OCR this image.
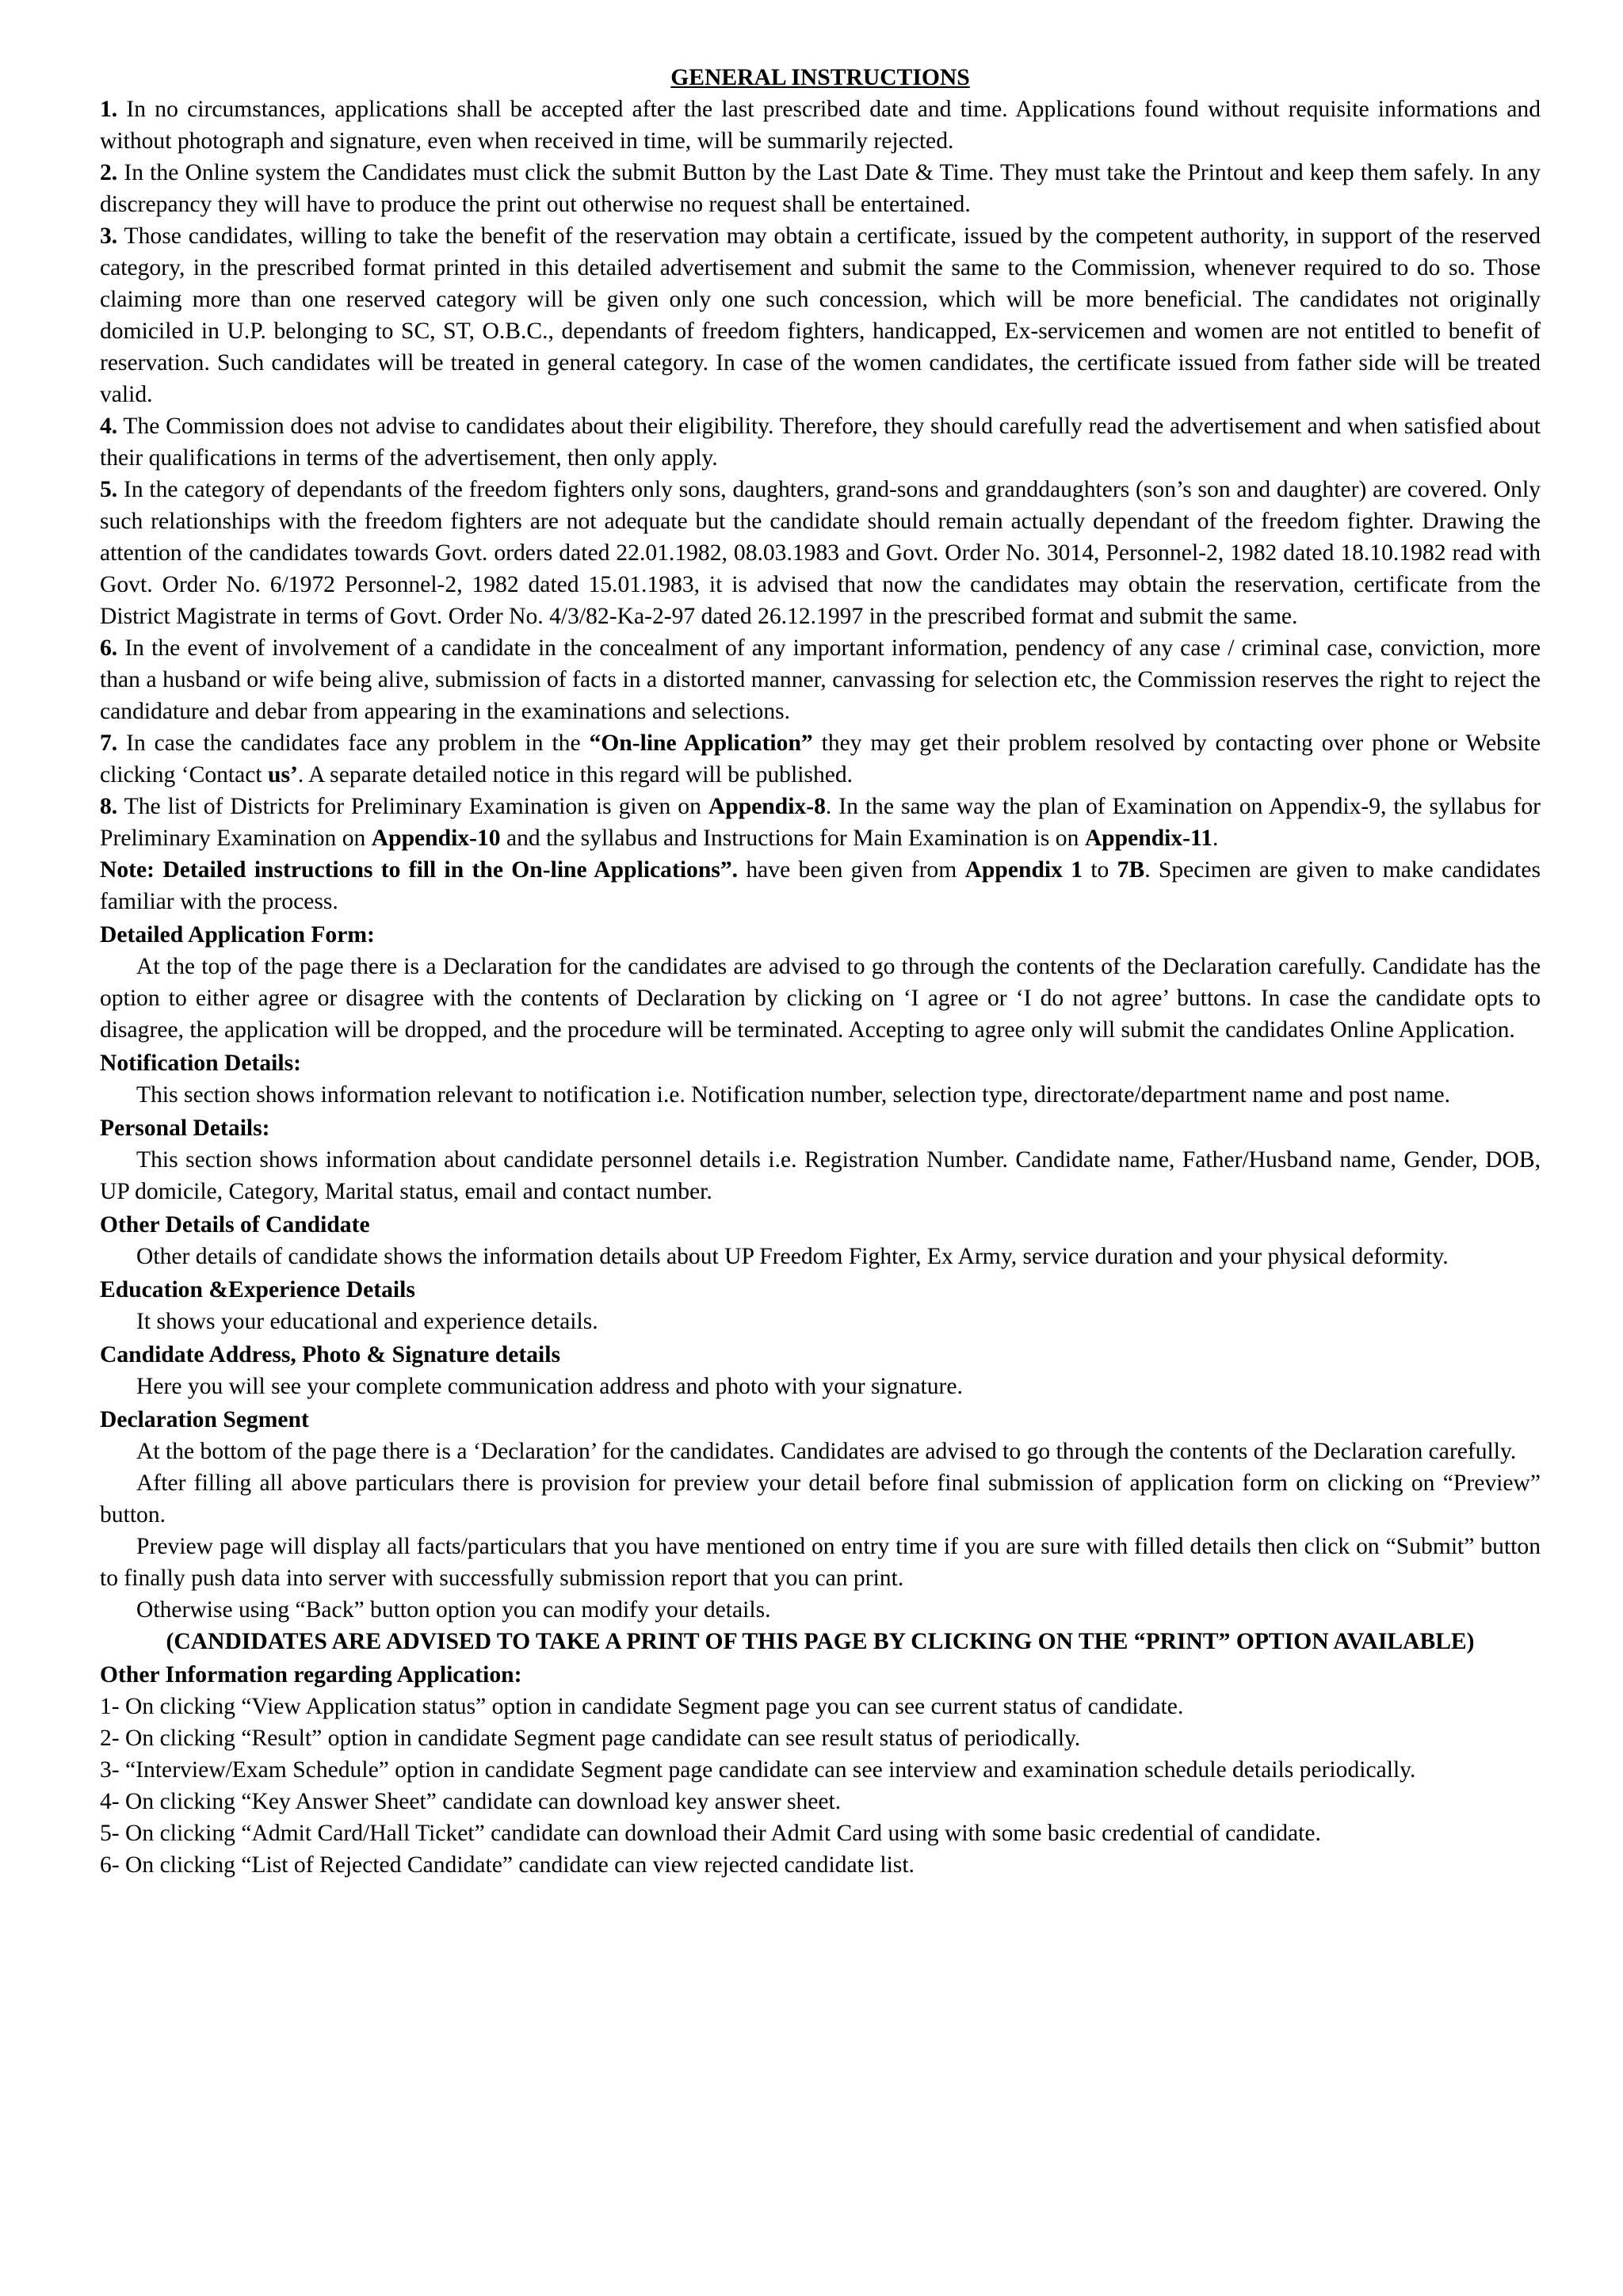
GENERAL INSTRUCTIONS
1. In no circumstances, applications shall be accepted after the last prescribed date and time. Applications found without requisite informations and without photograph and signature, even when received in time, will be summarily rejected.
2. In the Online system the Candidates must click the submit Button by the Last Date & Time. They must take the Printout and keep them safely. In any discrepancy they will have to produce the print out otherwise no request shall be entertained.
3. Those candidates, willing to take the benefit of the reservation may obtain a certificate, issued by the competent authority, in support of the reserved category, in the prescribed format printed in this detailed advertisement and submit the same to the Commission, whenever required to do so. Those claiming more than one reserved category will be given only one such concession, which will be more beneficial. The candidates not originally domiciled in U.P. belonging to SC, ST, O.B.C., dependants of freedom fighters, handicapped, Ex-servicemen and women are not entitled to benefit of reservation. Such candidates will be treated in general category. In case of the women candidates, the certificate issued from father side will be treated valid.
4. The Commission does not advise to candidates about their eligibility. Therefore, they should carefully read the advertisement and when satisfied about their qualifications in terms of the advertisement, then only apply.
5. In the category of dependants of the freedom fighters only sons, daughters, grand-sons and granddaughters (son’s son and daughter) are covered. Only such relationships with the freedom fighters are not adequate but the candidate should remain actually dependant of the freedom fighter. Drawing the attention of the candidates towards Govt. orders dated 22.01.1982, 08.03.1983 and Govt. Order No. 3014, Personnel-2, 1982 dated 18.10.1982 read with Govt. Order No. 6/1972 Personnel-2, 1982 dated 15.01.1983, it is advised that now the candidates may obtain the reservation, certificate from the District Magistrate in terms of Govt. Order No. 4/3/82-Ka-2-97 dated 26.12.1997 in the prescribed format and submit the same.
6. In the event of involvement of a candidate in the concealment of any important information, pendency of any case / criminal case, conviction, more than a husband or wife being alive, submission of facts in a distorted manner, canvassing for selection etc, the Commission reserves the right to reject the candidature and debar from appearing in the examinations and selections.
7. In case the candidates face any problem in the “On-line Application” they may get their problem resolved by contacting over phone or Website clicking ‘Contact us’. A separate detailed notice in this regard will be published.
8. The list of Districts for Preliminary Examination is given on Appendix-8. In the same way the plan of Examination on Appendix-9, the syllabus for Preliminary Examination on Appendix-10 and the syllabus and Instructions for Main Examination is on Appendix-11.
Note: Detailed instructions to fill in the On-line Applications”. have been given from Appendix 1 to 7B. Specimen are given to make candidates familiar with the process.
Detailed Application Form:
At the top of the page there is a Declaration for the candidates are advised to go through the contents of the Declaration carefully. Candidate has the option to either agree or disagree with the contents of Declaration by clicking on ‘I agree or ‘I do not agree’ buttons. In case the candidate opts to disagree, the application will be dropped, and the procedure will be terminated. Accepting to agree only will submit the candidates Online Application.
Notification Details:
This section shows information relevant to notification i.e. Notification number, selection type, directorate/department name and post name.
Personal Details:
This section shows information about candidate personnel details i.e. Registration Number. Candidate name, Father/Husband name, Gender, DOB, UP domicile, Category, Marital status, email and contact number.
Other Details of Candidate
Other details of candidate shows the information details about UP Freedom Fighter, Ex Army, service duration and your physical deformity.
Education &Experience Details
It shows your educational and experience details.
Candidate Address, Photo & Signature details
Here you will see your complete communication address and photo with your signature.
Declaration Segment
At the bottom of the page there is a ‘Declaration’ for the candidates. Candidates are advised to go through the contents of the Declaration carefully.
After filling all above particulars there is provision for preview your detail before final submission of application form on clicking on “Preview” button.
Preview page will display all facts/particulars that you have mentioned on entry time if you are sure with filled details then click on “Submit” button to finally push data into server with successfully submission report that you can print.
Otherwise using “Back” button option you can modify your details.
(CANDIDATES ARE ADVISED TO TAKE A PRINT OF THIS PAGE BY CLICKING ON THE “PRINT” OPTION AVAILABLE)
Other Information regarding Application:
1- On clicking “View Application status” option in candidate Segment page you can see current status of candidate.
2- On clicking “Result” option in candidate Segment page candidate can see result status of periodically.
3- “Interview/Exam Schedule” option in candidate Segment page candidate can see interview and examination schedule details periodically.
4- On clicking “Key Answer Sheet” candidate can download key answer sheet.
5- On clicking “Admit Card/Hall Ticket” candidate can download their Admit Card using with some basic credential of candidate.
6- On clicking “List of Rejected Candidate” candidate can view rejected candidate list.
